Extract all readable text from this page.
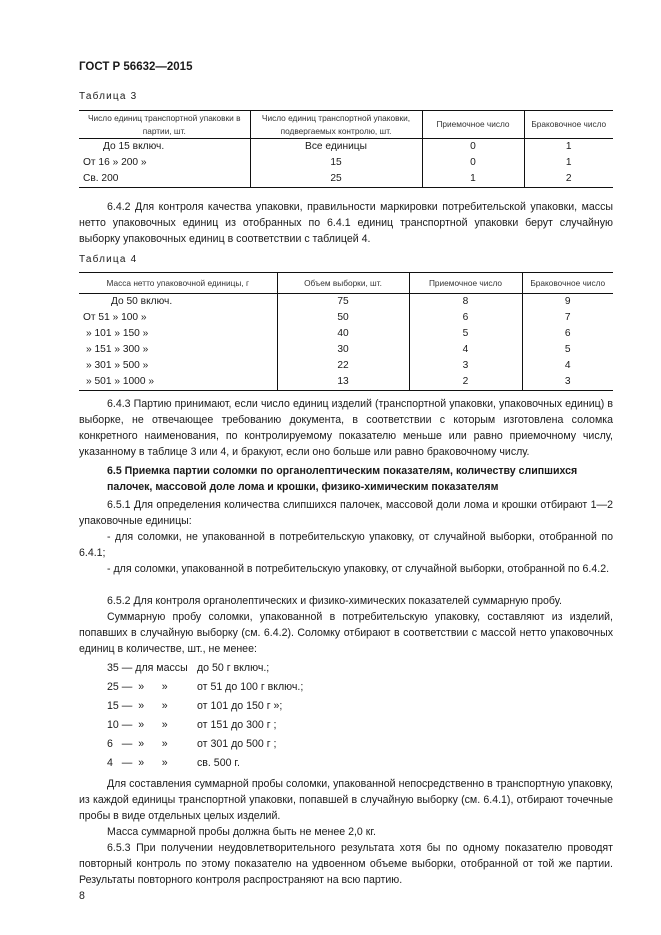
ГОСТ Р 56632—2015
Таблица 3
Число единиц транспортной упаковки в партии, шт.	Число единиц транспортной упаковки, подвергаемых контролю, шт.	Приемочное число	Браковочное число
До 15 включ.	Все единицы	0	1
От 16 » 200 »	15	0	1
Св. 200	25	1	2
6.4.2 Для контроля качества упаковки, правильности маркировки потребительской упаковки, массы нетто упаковочных единиц из отобранных по 6.4.1 единиц транспортной упаковки берут случайную выборку упаковочных единиц в соответствии с таблицей 4.
Таблица 4
Масса нетто упаковочной единицы, г	Объем выборки, шт.	Приемочное число	Браковочное число
До 50 включ.	75	8	9
От 51 » 100 »	50	6	7
» 101 » 150 »	40	5	6
» 151 » 300 »	30	4	5
» 301 » 500 »	22	3	4
» 501 » 1000 »	13	2	3
6.4.3 Партию принимают, если число единиц изделий (транспортной упаковки, упаковочных единиц) в выборке, не отвечающее требованию документа, в соответствии с которым изготовлена соломка конкретного наименования, по контролируемому показателю меньше или равно приемочному числу, указанному в таблице 3 или 4, и бракуют, если оно больше или равно браковочному числу.
6.5 Приемка партии соломки по органолептическим показателям, количеству слипшихся палочек, массовой доле лома и крошки, физико-химическим показателям
6.5.1 Для определения количества слипшихся палочек, массовой доли лома и крошки отбирают 1—2 упаковочные единицы:
- для соломки, не упакованной в потребительскую упаковку, от случайной выборки, отобранной по 6.4.1;
- для соломки, упакованной в потребительскую упаковку, от случайной выборки, отобранной по 6.4.2.
6.5.2 Для контроля органолептических и физико-химических показателей суммарную пробу.
Суммарную пробу соломки, упакованной в потребительскую упаковку, составляют из изделий, попавших в случайную выборку (см. 6.4.2). Соломку отбирают в соответствии с массой нетто упаковочных единиц в количестве, шт., не менее:
35 — для массы до 50 г включ.;
25 —  »      »	от 51 до 100 г включ.;
15 —  »      »	от 101 до 150 г »;
10 —  »      »	от 151 до 300 г ;
6   —  »      »	от 301 до 500 г ;
4   —  »      »	св. 500 г.
Для составления суммарной пробы соломки, упакованной непосредственно в транспортную упаковку, из каждой единицы транспортной упаковки, попавшей в случайную выборку (см. 6.4.1), отбирают точечные пробы в виде отдельных целых изделий.
Масса суммарной пробы должна быть не менее 2,0 кг.
6.5.3 При получении неудовлетворительного результата хотя бы по одному показателю проводят повторный контроль по этому показателю на удвоенном объеме выборки, отобранной от той же партии. Результаты повторного контроля распространяют на всю партию.
8
